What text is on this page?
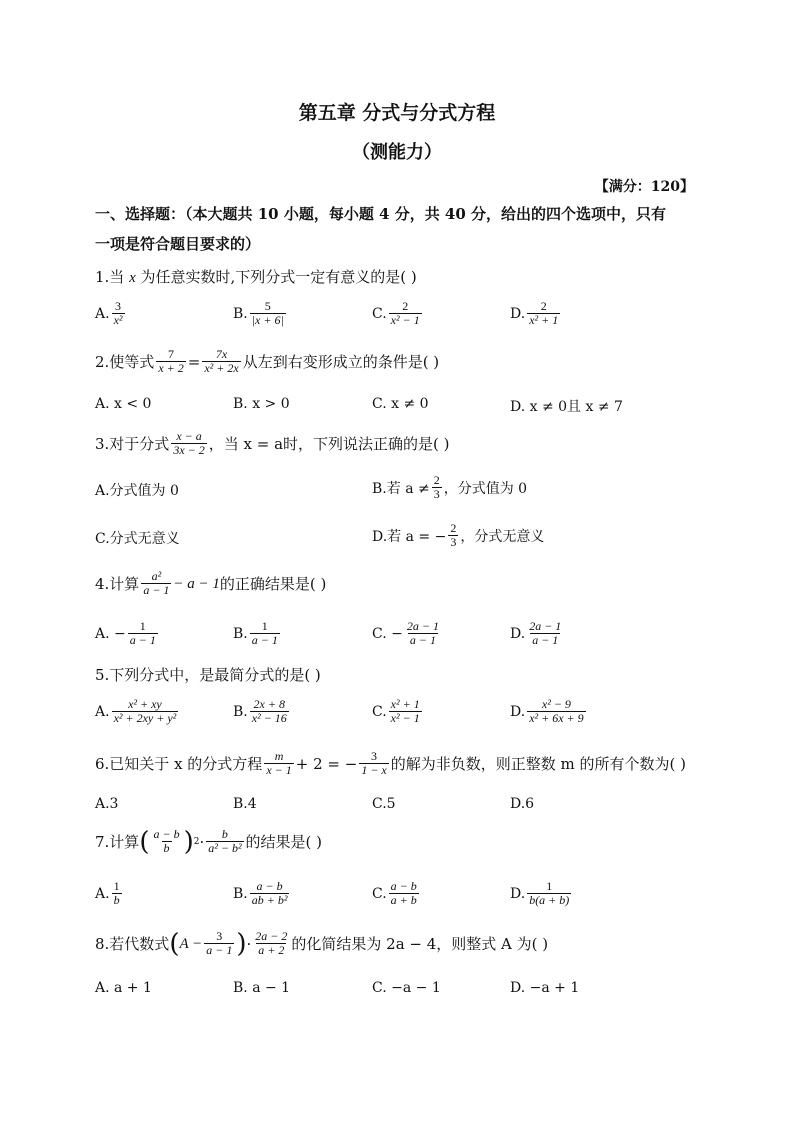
第五章 分式与分式方程
（测能力）
【满分：120】
一、选择题：（本大题共 10 小题，每小题 4 分，共 40 分，给出的四个选项中，只有
一项是符合题目要求的）
1.当 x 为任意实数时,下列分式一定有意义的是( )
A. $\frac{3}{\text{x²}}$	B. $\frac{5}{|x + 6|}$	C. $\frac{2}{\text{x² − 1}}$	D. $\frac{2}{\text{x² + 1}}$
2.使等式 $\frac{7}{x + 2} = \frac{7x}{\text{x² + 2x}}$ 从左到右变形成立的条件是( )
A. x < 0	B. x > 0	C. x ≠ 0	D. x ≠ 0且 x ≠ 7
3.对于分式 $\frac{x - a}{3x - 2}$ ，当 x = a时，下列说法正确的是( )
A.分式值为 0	B.若 $a \ne \frac{2}{3}$ ，分式值为 0
C.分式无意义	D.若 a = − $\frac{2}{3}$ ，分式无意义
4.计算 $\frac{\text{a²}}{a - 1} - a - 1$ 的正确结果是( )
A. − $\frac{1}{a - 1}$	B. $\frac{1}{a - 1}$	C. − $\frac{2a - 1}{a - 1}$	D. $\frac{2a - 1}{a - 1}$
5.下列分式中，是最简分式的是( )
A. $\frac{\text{x² + xy}}{\text{x² + 2xy + y²}}$	B. $\frac{2x + 8}{\text{x² − 16}}$	C. $\frac{\text{x² + 1}}{\text{x² − 1}}$	D. $\frac{\text{x² − 9}}{\text{x² + 6x + 9}}$
6.已知关于 x 的分式方程 $\frac{m}{x - 1} + 2$ = − $\frac{3}{1 - x}$ 的解为非负数，则正整数 m 的所有个数为( )
A.3	B.4	C.5	D.6
7.计算 ( $\frac{a - b}{b}$ ) $2 \cdot \frac{b}{\text{a² − b²}}$ 的结果是( )
A. $\frac{1}{b}$	B. $\frac{a - b}{\text{ab + b²}}$	C. $\frac{a - b}{a + b}$	D. $\frac{1}{b(a + b)}$
8.若代数式 ( $A - \frac{3}{a - 1}$ ) · $\frac{2a - 2}{a + 2}$ 的化简结果为 2a − 4，则整式 A 为( )
A. a + 1	B. a − 1	C. −a − 1	D. −a + 1
